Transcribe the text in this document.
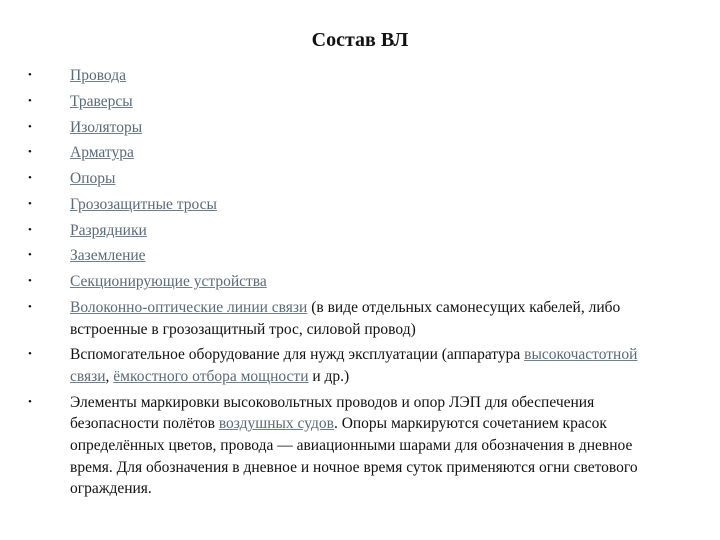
Состав ВЛ
• Провода
• Траверсы
• Изоляторы
• Арматура
• Опоры
• Грозозащитные тросы
• Разрядники
• Заземление
• Секционирующие устройства
• Волоконно-оптические линии связи (в виде отдельных самонесущих кабелей, либо встроенные в грозозащитный трос, силовой провод)
• Вспомогательное оборудование для нужд эксплуатации (аппаратура высокочастотной связи, ёмкостного отбора мощности и др.)
• Элементы маркировки высоковольтных проводов и опор ЛЭП для обеспечения безопасности полётов воздушных судов. Опоры маркируются сочетанием красок определённых цветов, провода — авиационными шарами для обозначения в дневное время. Для обозначения в дневное и ночное время суток применяются огни светового ограждения.
